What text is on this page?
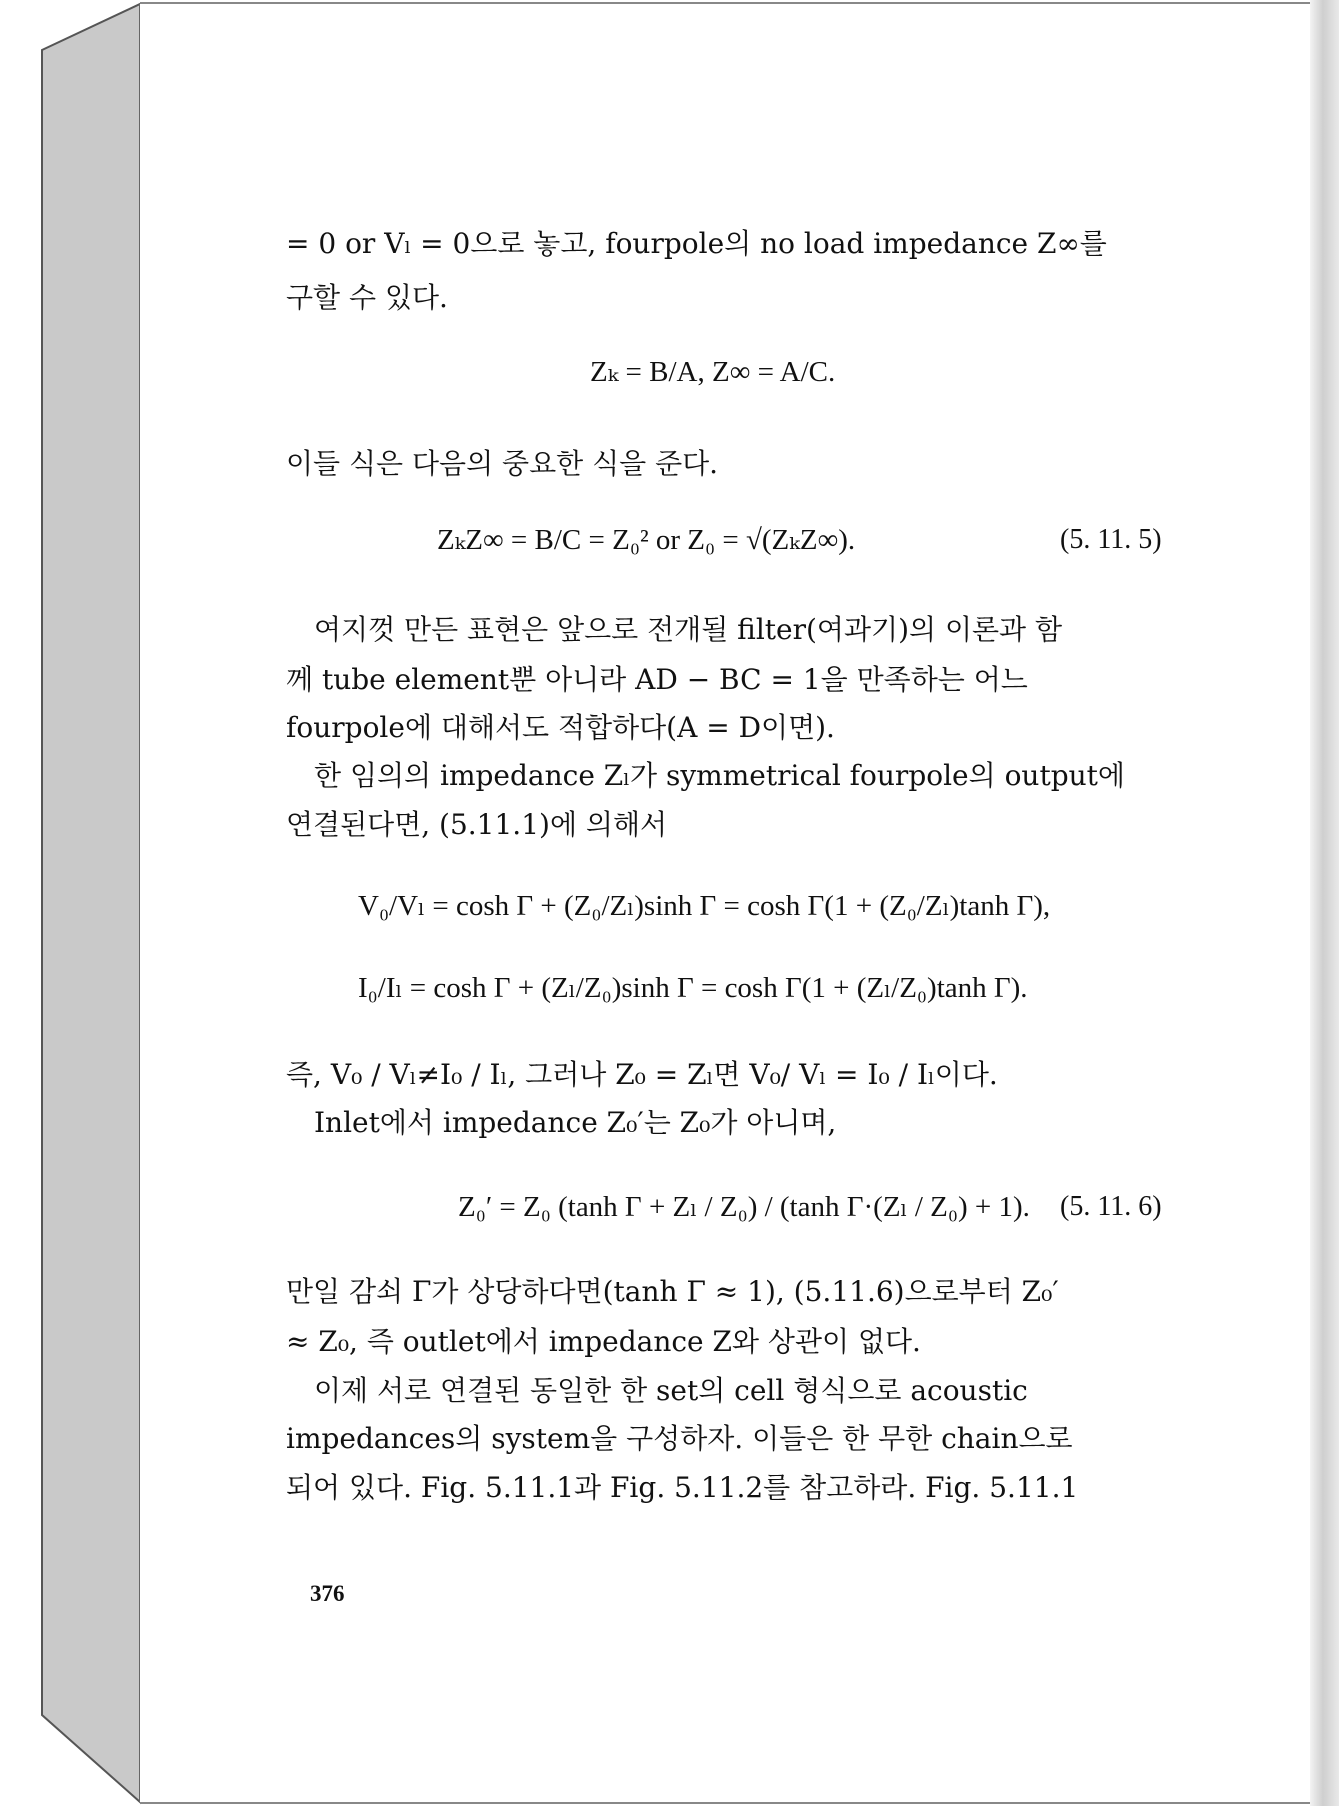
= 0 or Vₗ = 0으로 놓고, fourpole의 no load impedance Z∞를
구할 수 있다.
Zₖ = B/A, Z∞ = A/C.
이들 식은 다음의 중요한 식을 준다.
ZₖZ∞ = B/C = Z₀² or Z₀ = √(ZₖZ∞).	(5. 11. 5)
여지껏 만든 표현은 앞으로 전개될 filter(여과기)의 이론과 함
께 tube element뿐 아니라 AD − BC = 1을 만족하는 어느
fourpole에 대해서도 적합하다(A = D이면).
한 임의의 impedance Zₗ가 symmetrical fourpole의 output에
연결된다면, (5.11.1)에 의해서
V₀/Vₗ = cosh Γ + (Z₀/Zₗ)sinh Γ = cosh Γ(1 + (Z₀/Zₗ)tanh Γ),
I₀/Iₗ = cosh Γ + (Zₗ/Z₀)sinh Γ = cosh Γ(1 + (Zₗ/Z₀)tanh Γ).
즉, V₀ / Vₗ≠I₀ / Iₗ, 그러나 Z₀ = Zₗ면 V₀/ Vₗ = I₀ / Iₗ이다.
Inlet에서 impedance Z₀′는 Z₀가 아니며,
Z₀′ = Z₀ (tanh Γ + Zₗ / Z₀) / (tanh Γ·(Zₗ / Z₀) + 1). (5. 11. 6)
만일 감쇠 Γ가 상당하다면(tanh Γ ≈ 1), (5.11.6)으로부터 Z₀′
≈ Z₀, 즉 outlet에서 impedance Z와 상관이 없다.
이제 서로 연결된 동일한 한 set의 cell 형식으로 acoustic
impedances의 system을 구성하자. 이들은 한 무한 chain으로
되어 있다. Fig. 5.11.1과 Fig. 5.11.2를 참고하라. Fig. 5.11.1
376
